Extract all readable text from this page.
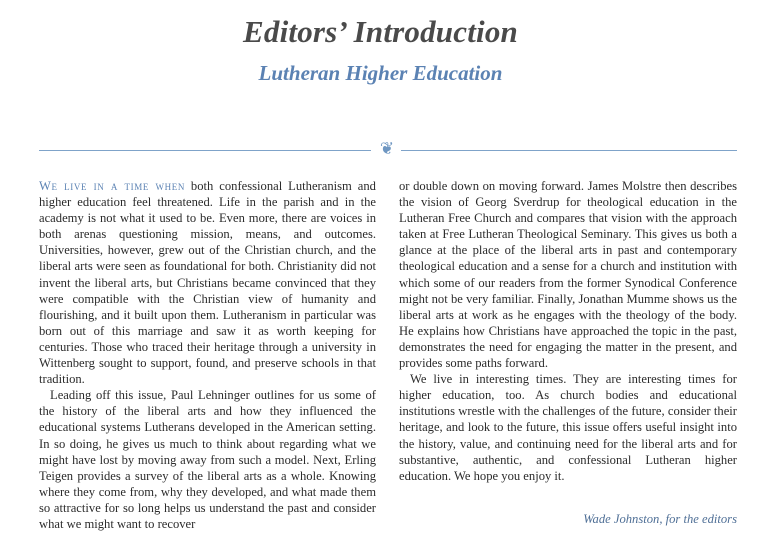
Editors’ Introduction
Lutheran Higher Education
❦

We live in a time when both confessional Lutheranism and higher education feel threatened. Life in the parish and in the academy is not what it used to be. Even more, there are voices in both arenas questioning mission, means, and outcomes. Universities, however, grew out of the Christian church, and the liberal arts were seen as foundational for both. Christianity did not invent the liberal arts, but Christians became convinced that they were compatible with the Christian view of humanity and flourishing, and it built upon them. Lutheranism in particular was born out of this marriage and saw it as worth keeping for centuries. Those who traced their heritage through a university in Wittenberg sought to support, found, and preserve schools in that tradition.

Leading off this issue, Paul Lehninger outlines for us some of the history of the liberal arts and how they influenced the educational systems Lutherans developed in the American setting. In so doing, he gives us much to think about regarding what we might have lost by moving away from such a model. Next, Erling Teigen provides a survey of the liberal arts as a whole. Knowing where they come from, why they developed, and what made them so attractive for so long helps us understand the past and consider what we might want to recover

or double down on moving forward. James Molstre then describes the vision of Georg Sverdrup for theological education in the Lutheran Free Church and compares that vision with the approach taken at Free Lutheran Theological Seminary. This gives us both a glance at the place of the liberal arts in past and contemporary theological education and a sense for a church and institution with which some of our readers from the former Synodical Conference might not be very familiar. Finally, Jonathan Mumme shows us the liberal arts at work as he engages with the theology of the body. He explains how Christians have approached the topic in the past, demonstrates the need for engaging the matter in the present, and provides some paths forward.

We live in interesting times. They are interesting times for higher education, too. As church bodies and educational institutions wrestle with the challenges of the future, consider their heritage, and look to the future, this issue offers useful insight into the history, value, and continuing need for the liberal arts and for substantive, authentic, and confessional Lutheran higher education. We hope you enjoy it.

Wade Johnston, for the editors
